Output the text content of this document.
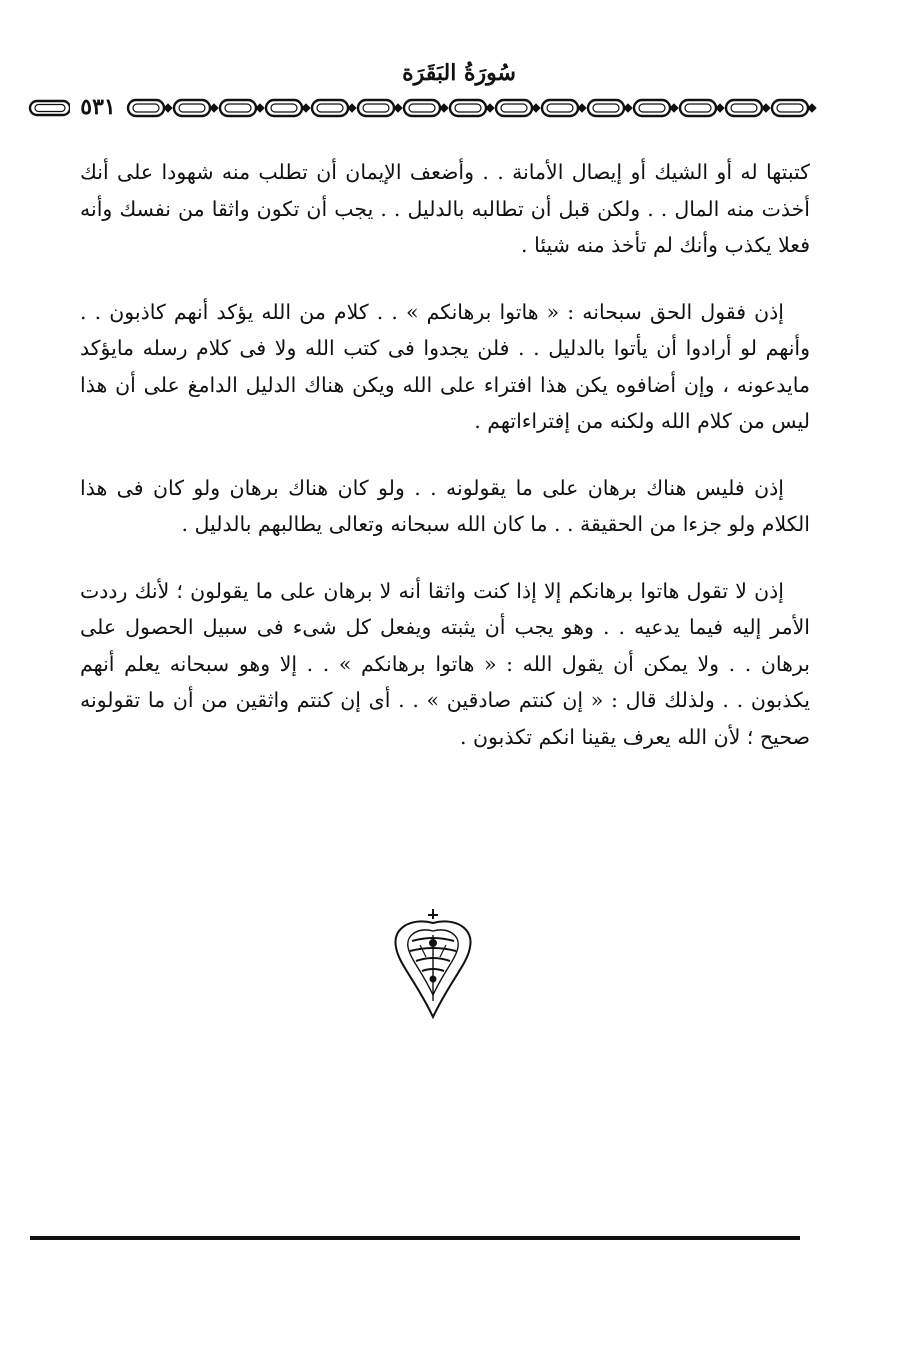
سُورَةُ البَقَرَة
٥٣١

كتبتها له أو الشيك أو إيصال الأمانة . . وأضعف الإيمان أن تطلب منه شهودا على أنك أخذت منه المال . . ولكن قبل أن تطالبه بالدليل . . يجب أن تكون واثقا من نفسك وأنه فعلا يكذب وأنك لم تأخذ منه شيئا .

إذن فقول الحق سبحانه : « هاتوا برهانكم » . . كلام من الله يؤكد أنهم كاذبون . . وأنهم لو أرادوا أن يأتوا بالدليل . . فلن يجدوا فى كتب الله ولا فى كلام رسله مايؤكد مايدعونه ، وإن أضافوه يكن هذا افتراء على الله ويكن هناك الدليل الدامغ على أن هذا ليس من كلام الله ولكنه من إفتراءاتهم .

إذن فليس هناك برهان على ما يقولونه . . ولو كان هناك برهان ولو كان فى هذا الكلام ولو جزءا من الحقيقة . . ما كان الله سبحانه وتعالى يطالبهم بالدليل .

إذن لا تقول هاتوا برهانكم إلا إذا كنت واثقا أنه لا برهان على ما يقولون ؛ لأنك رددت الأمر إليه فيما يدعيه . . وهو يجب أن يثبته ويفعل كل شىء فى سبيل الحصول على برهان . . ولا يمكن أن يقول الله : « هاتوا برهانكم » . . إلا وهو سبحانه يعلم أنهم يكذبون . . ولذلك قال : « إن كنتم صادقين » . . أى إن كنتم واثقين من أن ما تقولونه صحيح ؛ لأن الله يعرف يقينا انكم تكذبون .
